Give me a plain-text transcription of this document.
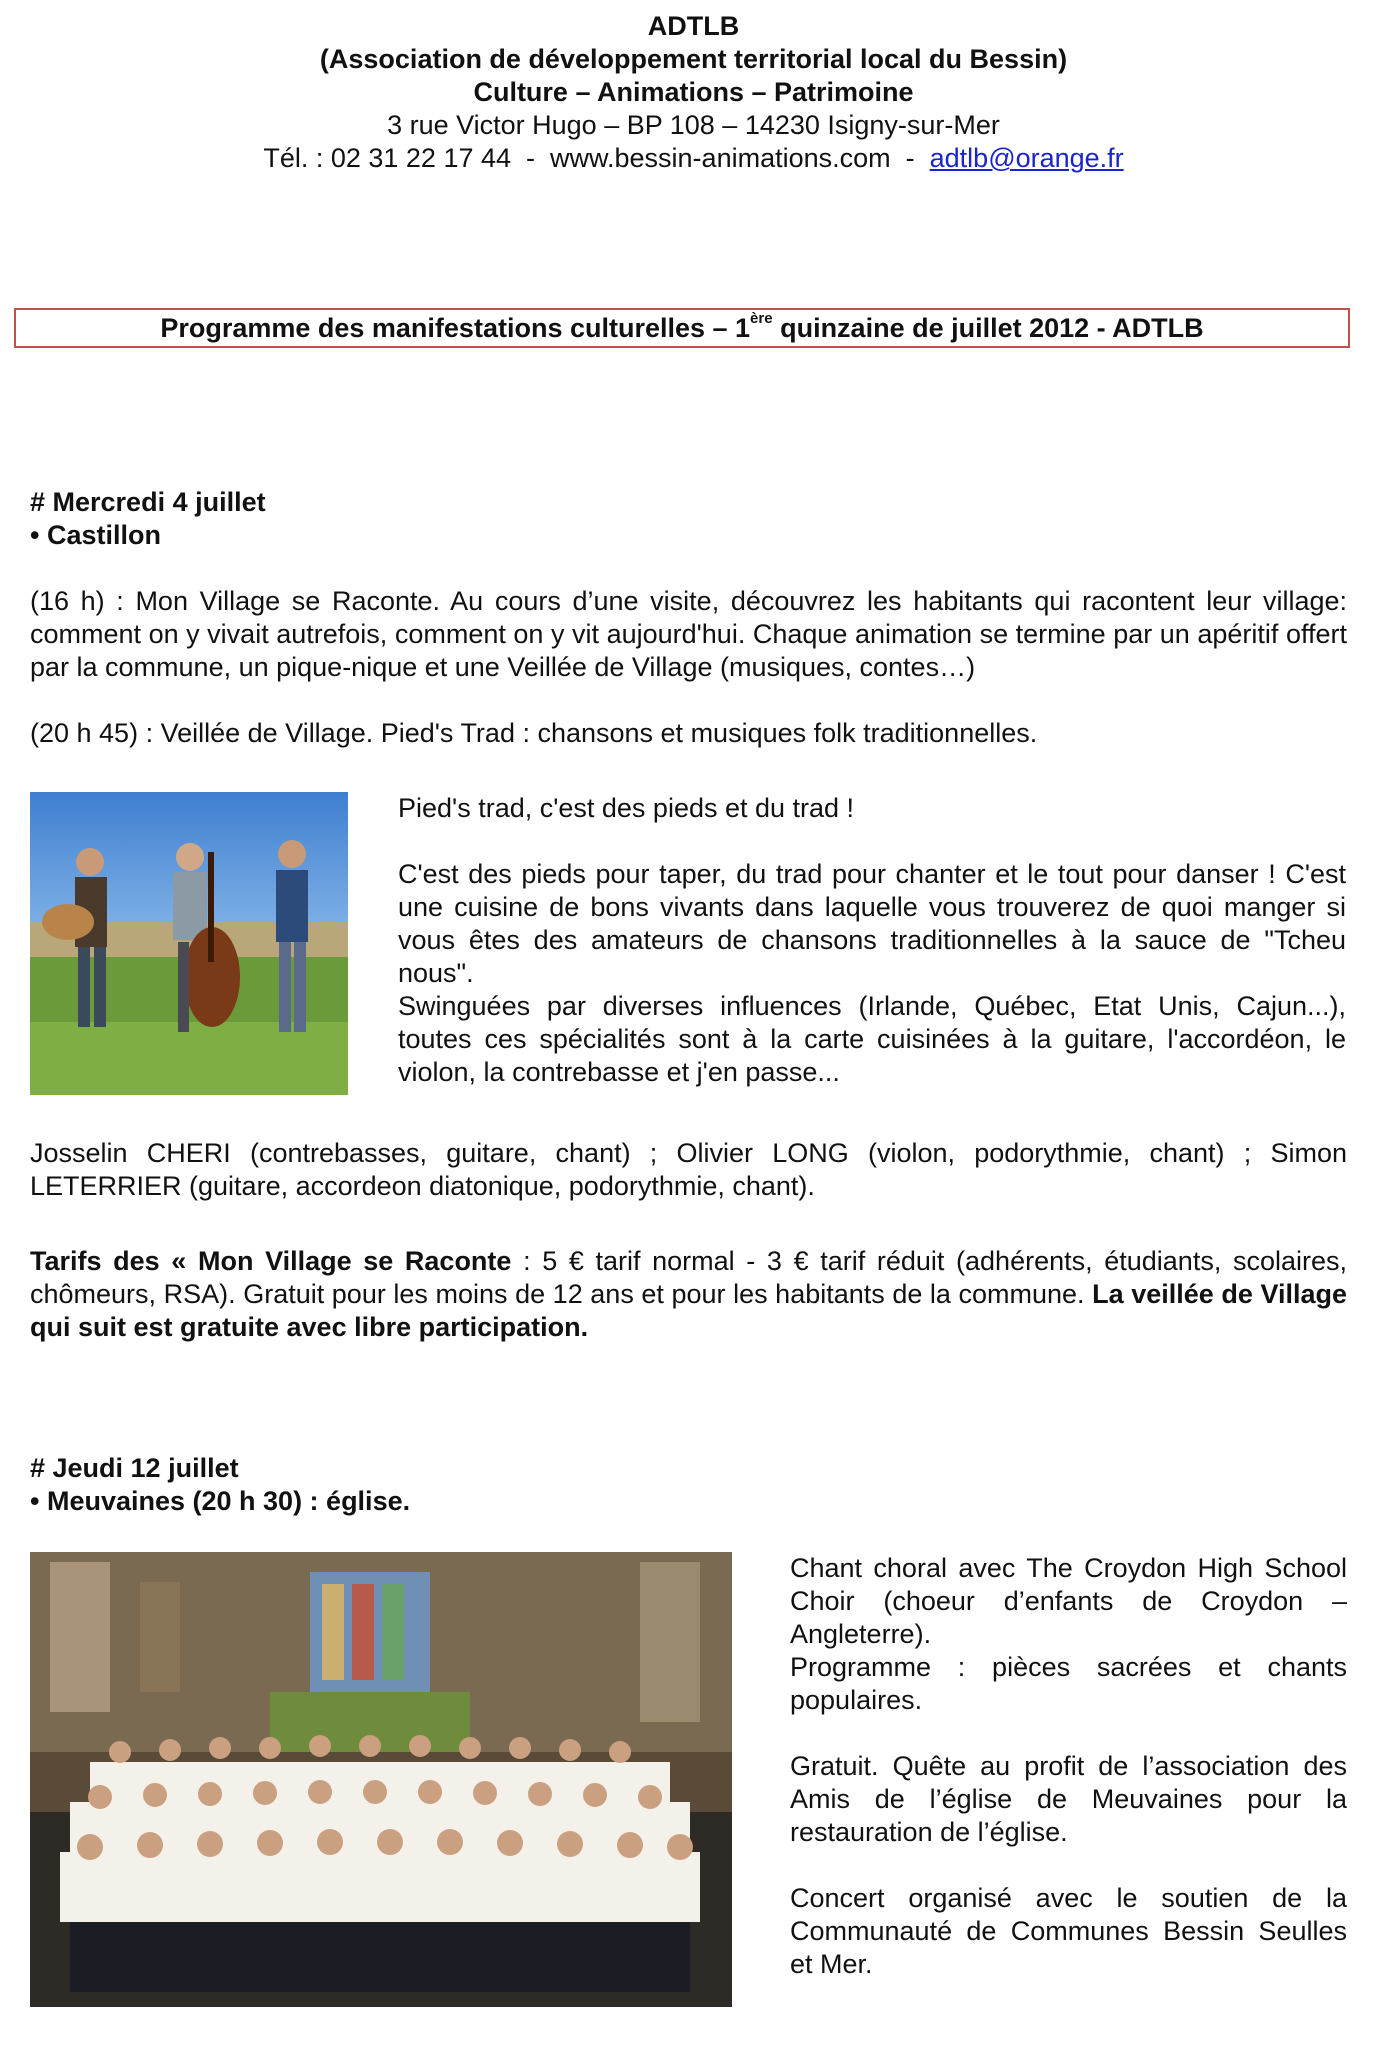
ADTLB
(Association de développement territorial local du Bessin)
Culture – Animations – Patrimoine
3 rue Victor Hugo – BP 108 – 14230 Isigny-sur-Mer
Tél. : 02 31 22 17 44  -  www.bessin-animations.com  -  adtlb@orange.fr
Programme des manifestations culturelles – 1ère quinzaine de juillet 2012 - ADTLB
# Mercredi 4 juillet
• Castillon
(16 h) : Mon Village se Raconte. Au cours d’une visite, découvrez les habitants qui racontent leur village: comment on y vivait autrefois, comment on y vit aujourd'hui. Chaque animation se termine par un apéritif offert par la commune, un pique-nique et une Veillée de Village (musiques, contes…)
(20 h 45) : Veillée de Village. Pied's Trad : chansons et musiques folk traditionnelles.
Pied's trad, c'est des pieds et du trad !
C'est des pieds pour taper, du trad pour chanter et le tout pour danser ! C'est une cuisine de bons vivants dans laquelle vous trouverez de quoi manger si vous êtes des amateurs de chansons traditionnelles à la sauce de "Tcheu nous".
Swinguées par diverses influences (Irlande, Québec, Etat Unis, Cajun...), toutes ces spécialités sont à la carte cuisinées à la guitare, l'accordéon, le violon, la contrebasse et j'en passe...
Josselin CHERI (contrebasses, guitare, chant) ; Olivier LONG (violon, podorythmie, chant) ; Simon LETERRIER (guitare, accordeon diatonique, podorythmie, chant).
Tarifs des « Mon Village se Raconte : 5 € tarif normal - 3 € tarif réduit (adhérents, étudiants, scolaires, chômeurs, RSA). Gratuit pour les moins de 12 ans et pour les habitants de la commune. La veillée de Village qui suit est gratuite avec libre participation.
# Jeudi 12 juillet
• Meuvaines (20 h 30) : église.
Chant choral avec The Croydon High School Choir (choeur d’enfants de Croydon – Angleterre).
Programme : pièces sacrées et chants populaires.
Gratuit. Quête au profit de l’association des Amis de l’église de Meuvaines pour la restauration de l’église.
Concert organisé avec le soutien de la Communauté de Communes Bessin Seulles et Mer.
